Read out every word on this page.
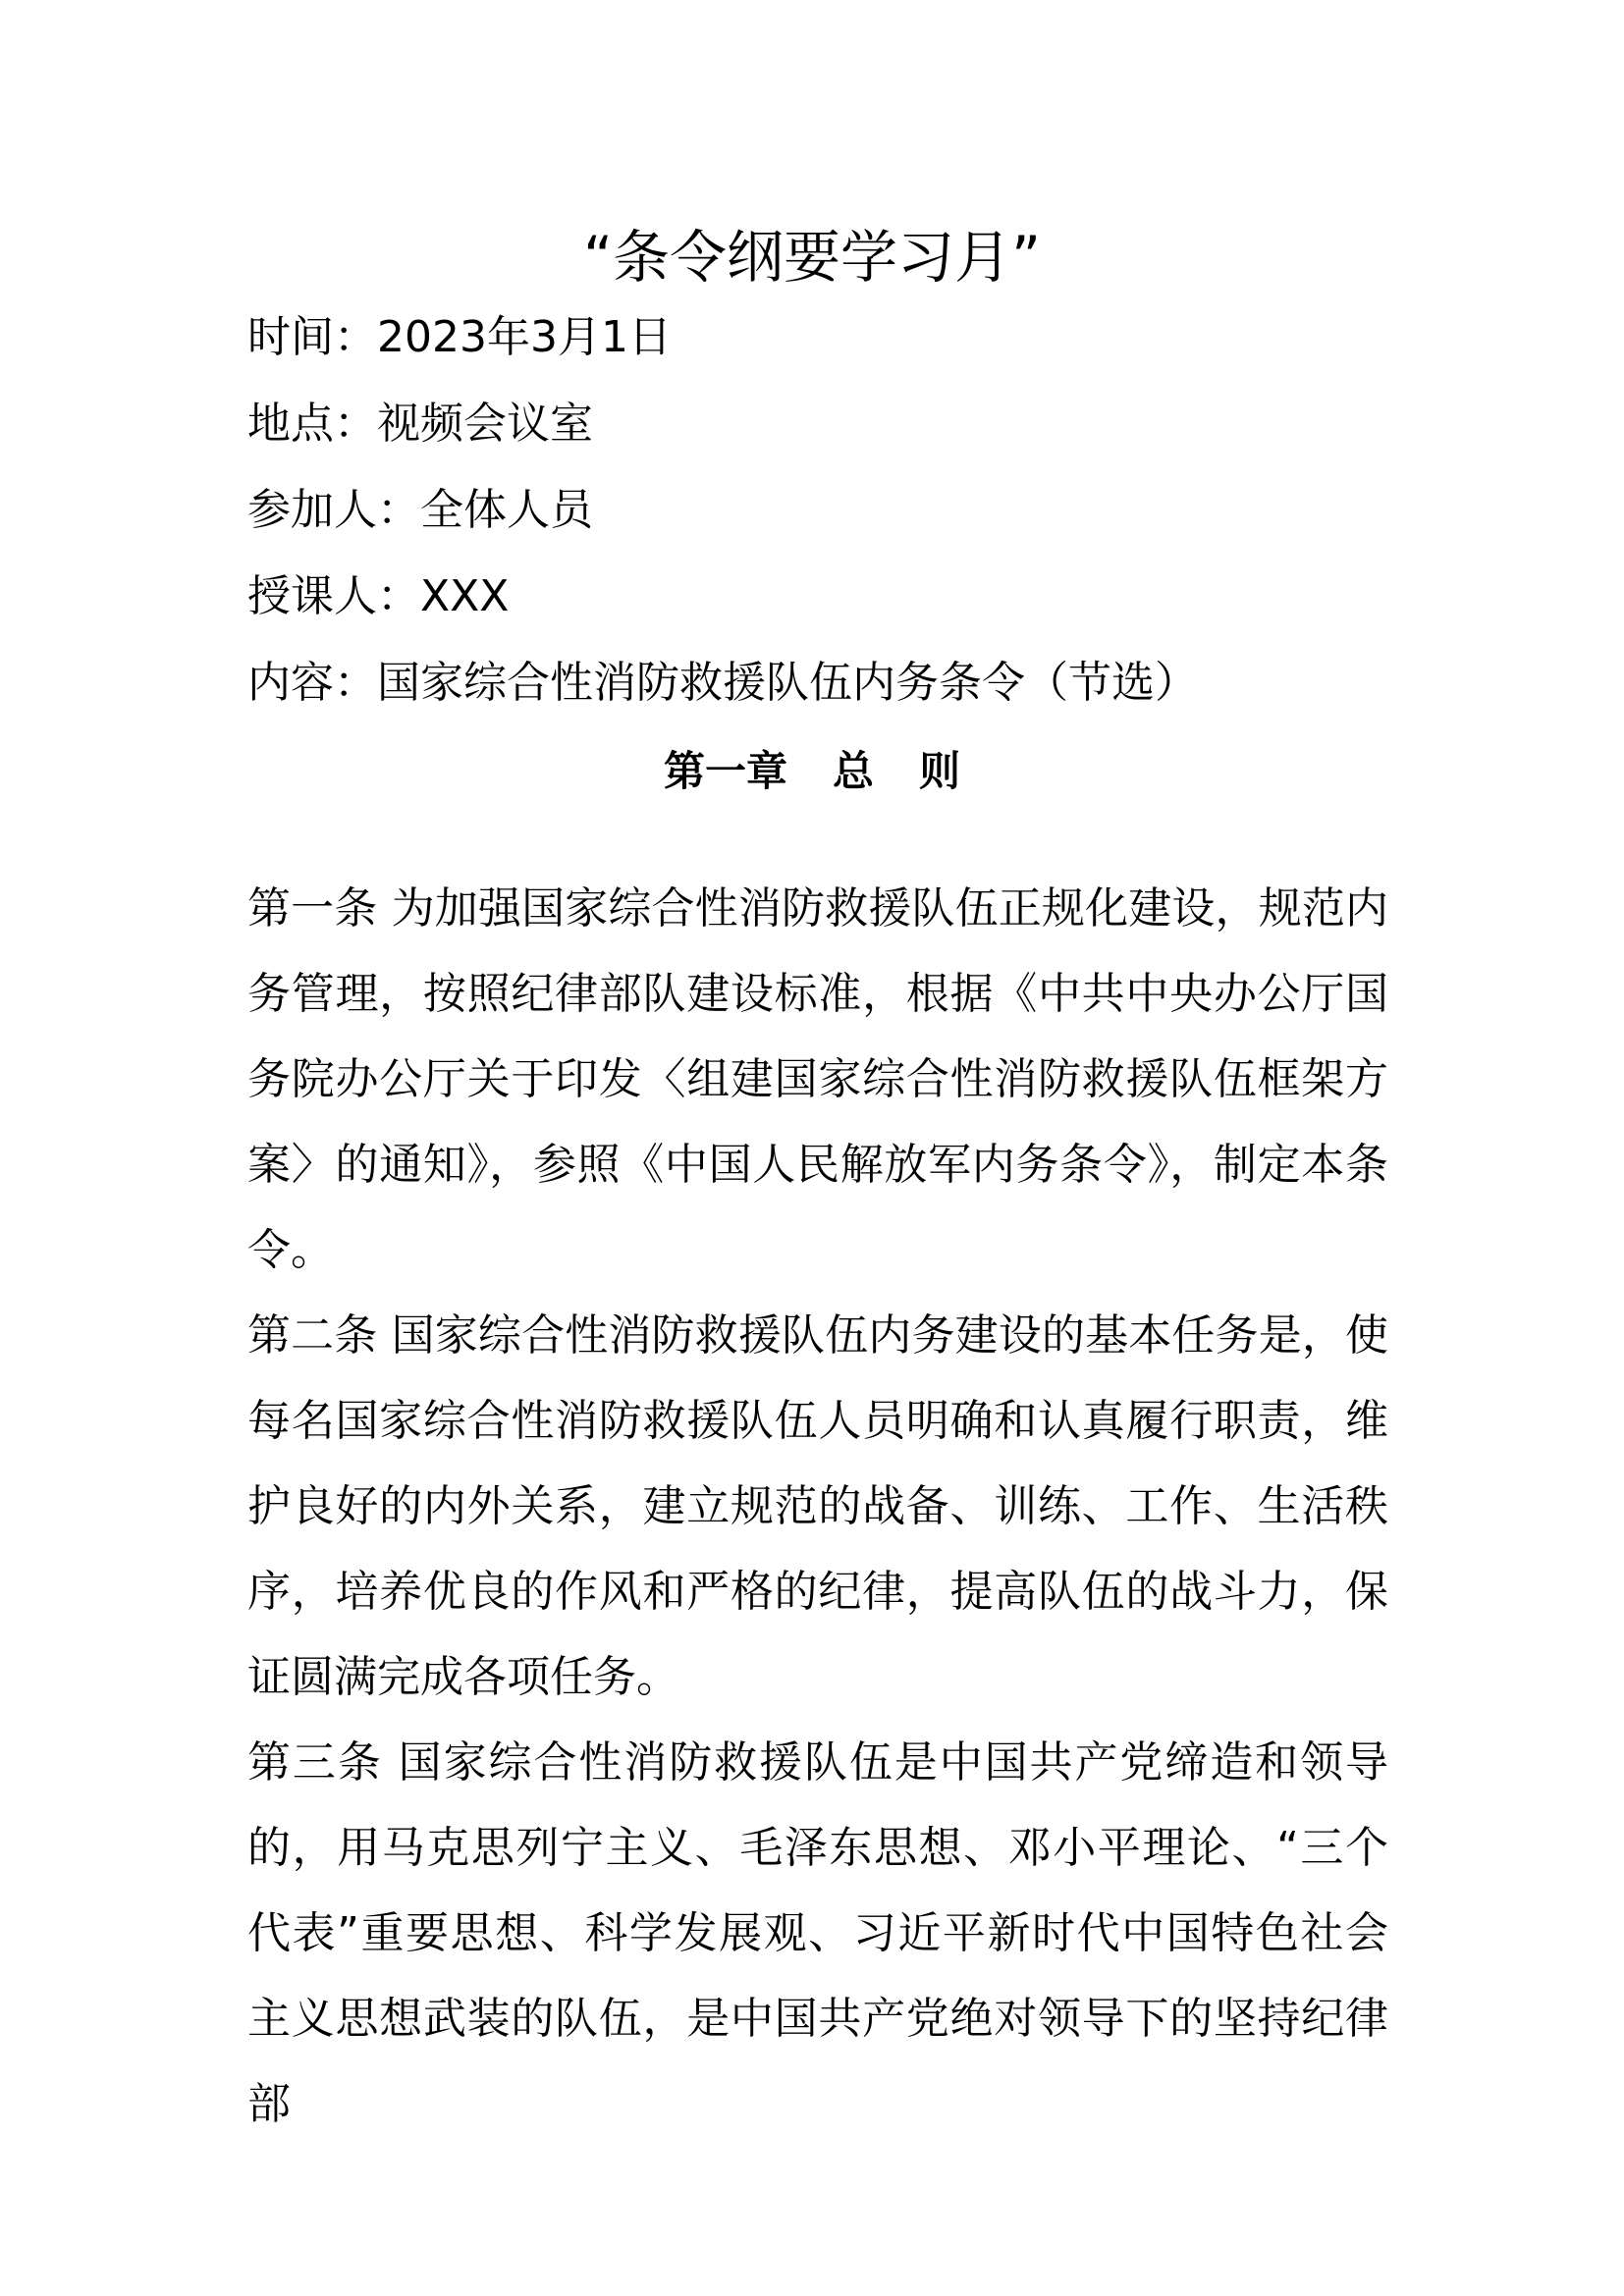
“条令纲要学习月”

时间：2023年3月1日

地点：视频会议室

参加人：全体人员

授课人：XXX

内容：国家综合性消防救援队伍内务条令（节选）

第一章 总 则

第一条 为加强国家综合性消防救援队伍正规化建设，规范内务管理，按照纪律部队建设标准，根据《中共中央办公厅国务院办公厅关于印发〈组建国家综合性消防救援队伍框架方案〉的通知》，参照《中国人民解放军内务条令》，制定本条令。

第二条 国家综合性消防救援队伍内务建设的基本任务是，使每名国家综合性消防救援队伍人员明确和认真履行职责，维护良好的内外关系，建立规范的战备、训练、工作、生活秩序，培养优良的作风和严格的纪律，提高队伍的战斗力，保证圆满完成各项任务。

第三条 国家综合性消防救援队伍是中国共产党缔造和领导的，用马克思列宁主义、毛泽东思想、邓小平理论、“三个代表”重要思想、科学发展观、习近平新时代中国特色社会主义思想武装的队伍，是中国共产党绝对领导下的坚持纪律部
